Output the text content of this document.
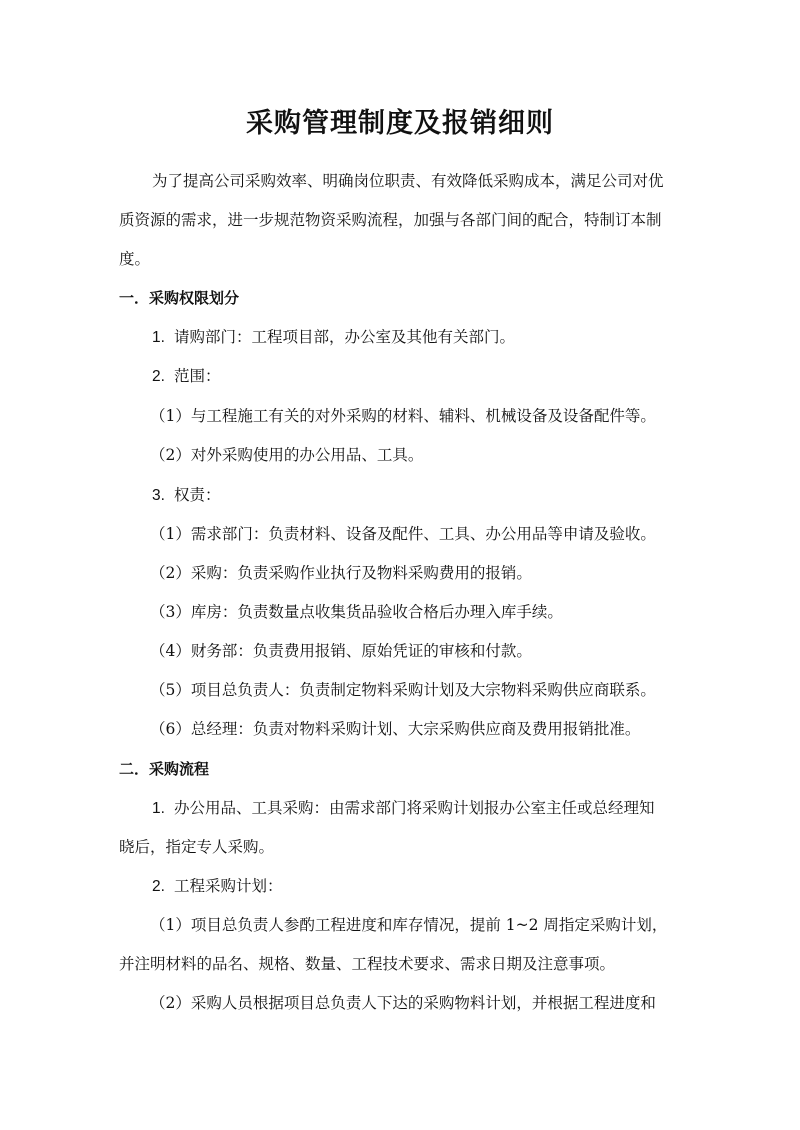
采购管理制度及报销细则

为了提高公司采购效率、明确岗位职责、有效降低采购成本，满足公司对优

质资源的需求，进一步规范物资采购流程，加强与各部门间的配合，特制订本制

度。

一．采购权限划分

1. 请购部门：工程项目部，办公室及其他有关部门。

2. 范围：

（1）与工程施工有关的对外采购的材料、辅料、机械设备及设备配件等。

（2）对外采购使用的办公用品、工具。

3. 权责：

（1）需求部门：负责材料、设备及配件、工具、办公用品等申请及验收。

（2）采购：负责采购作业执行及物料采购费用的报销。

（3）库房：负责数量点收集货品验收合格后办理入库手续。

（4）财务部：负责费用报销、原始凭证的审核和付款。

（5）项目总负责人：负责制定物料采购计划及大宗物料采购供应商联系。

（6）总经理：负责对物料采购计划、大宗采购供应商及费用报销批准。

二．采购流程

1. 办公用品、工具采购：由需求部门将采购计划报办公室主任或总经理知

晓后，指定专人采购。

2. 工程采购计划：

（1）项目总负责人参酌工程进度和库存情况，提前 1~2 周指定采购计划，

并注明材料的品名、规格、数量、工程技术要求、需求日期及注意事项。

（2）采购人员根据项目总负责人下达的采购物料计划，并根据工程进度和
